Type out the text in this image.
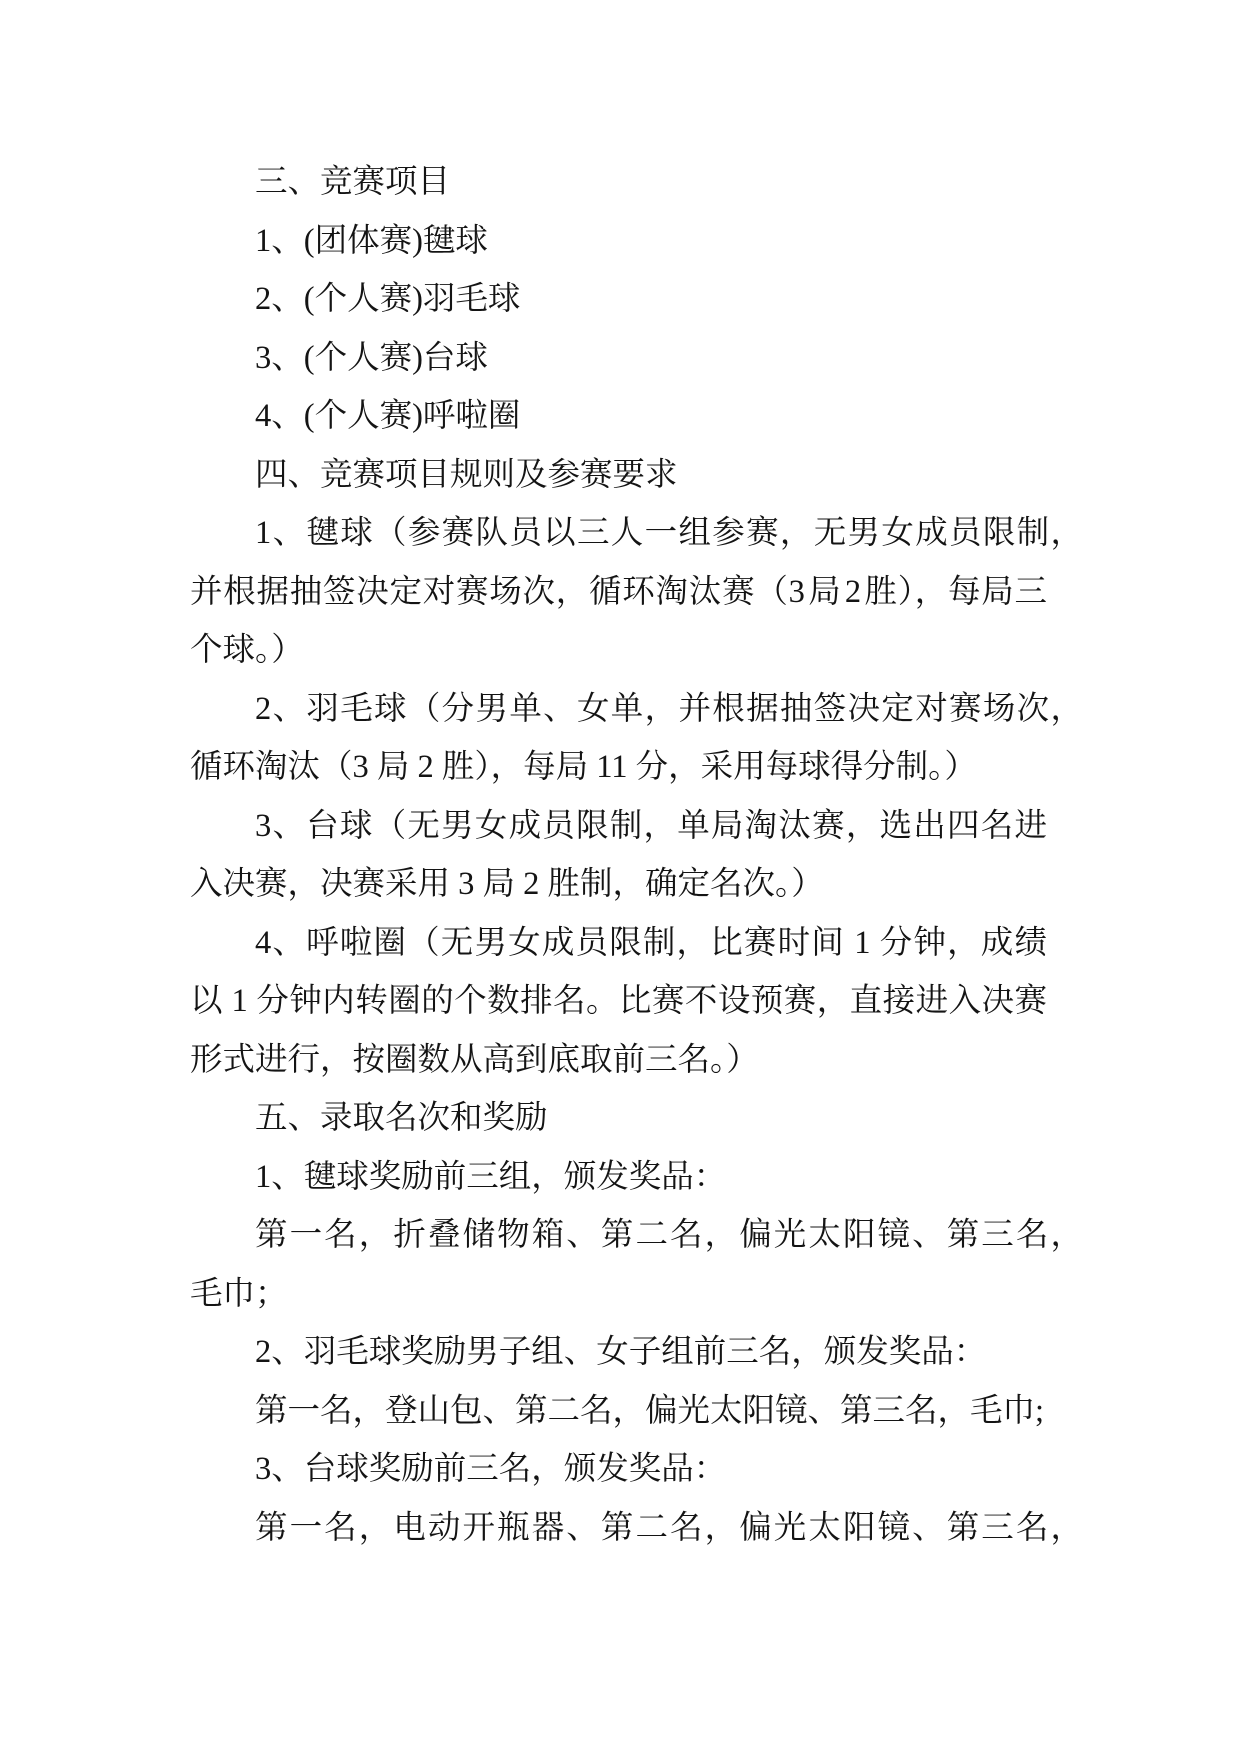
三、竞赛项目
1、(团体赛)毽球
2、(个人赛)羽毛球
3、(个人赛)台球
4、(个人赛)呼啦圈
四、竞赛项目规则及参赛要求
1、毽球（参赛队员以三人一组参赛，无男女成员限制，
并根据抽签决定对赛场次，循环淘汰赛（3 局 2 胜），每局三
个球。）
2、羽毛球（分男单、女单，并根据抽签决定对赛场次，
循环淘汰（3 局 2 胜），每局 11 分，采用每球得分制。）
3、台球（无男女成员限制，单局淘汰赛，选出四名进
入决赛，决赛采用 3 局 2 胜制，确定名次。）
4、呼啦圈（无男女成员限制，比赛时间 1 分钟，成绩
以 1 分钟内转圈的个数排名。比赛不设预赛，直接进入决赛
形式进行，按圈数从高到底取前三名。）
五、录取名次和奖励
1、毽球奖励前三组，颁发奖品：
第一名，折叠储物箱、第二名，偏光太阳镜、第三名，
毛巾；
2、羽毛球奖励男子组、女子组前三名，颁发奖品：
第一名，登山包、第二名，偏光太阳镜、第三名，毛巾;
3、台球奖励前三名，颁发奖品：
第一名，电动开瓶器、第二名，偏光太阳镜、第三名，
